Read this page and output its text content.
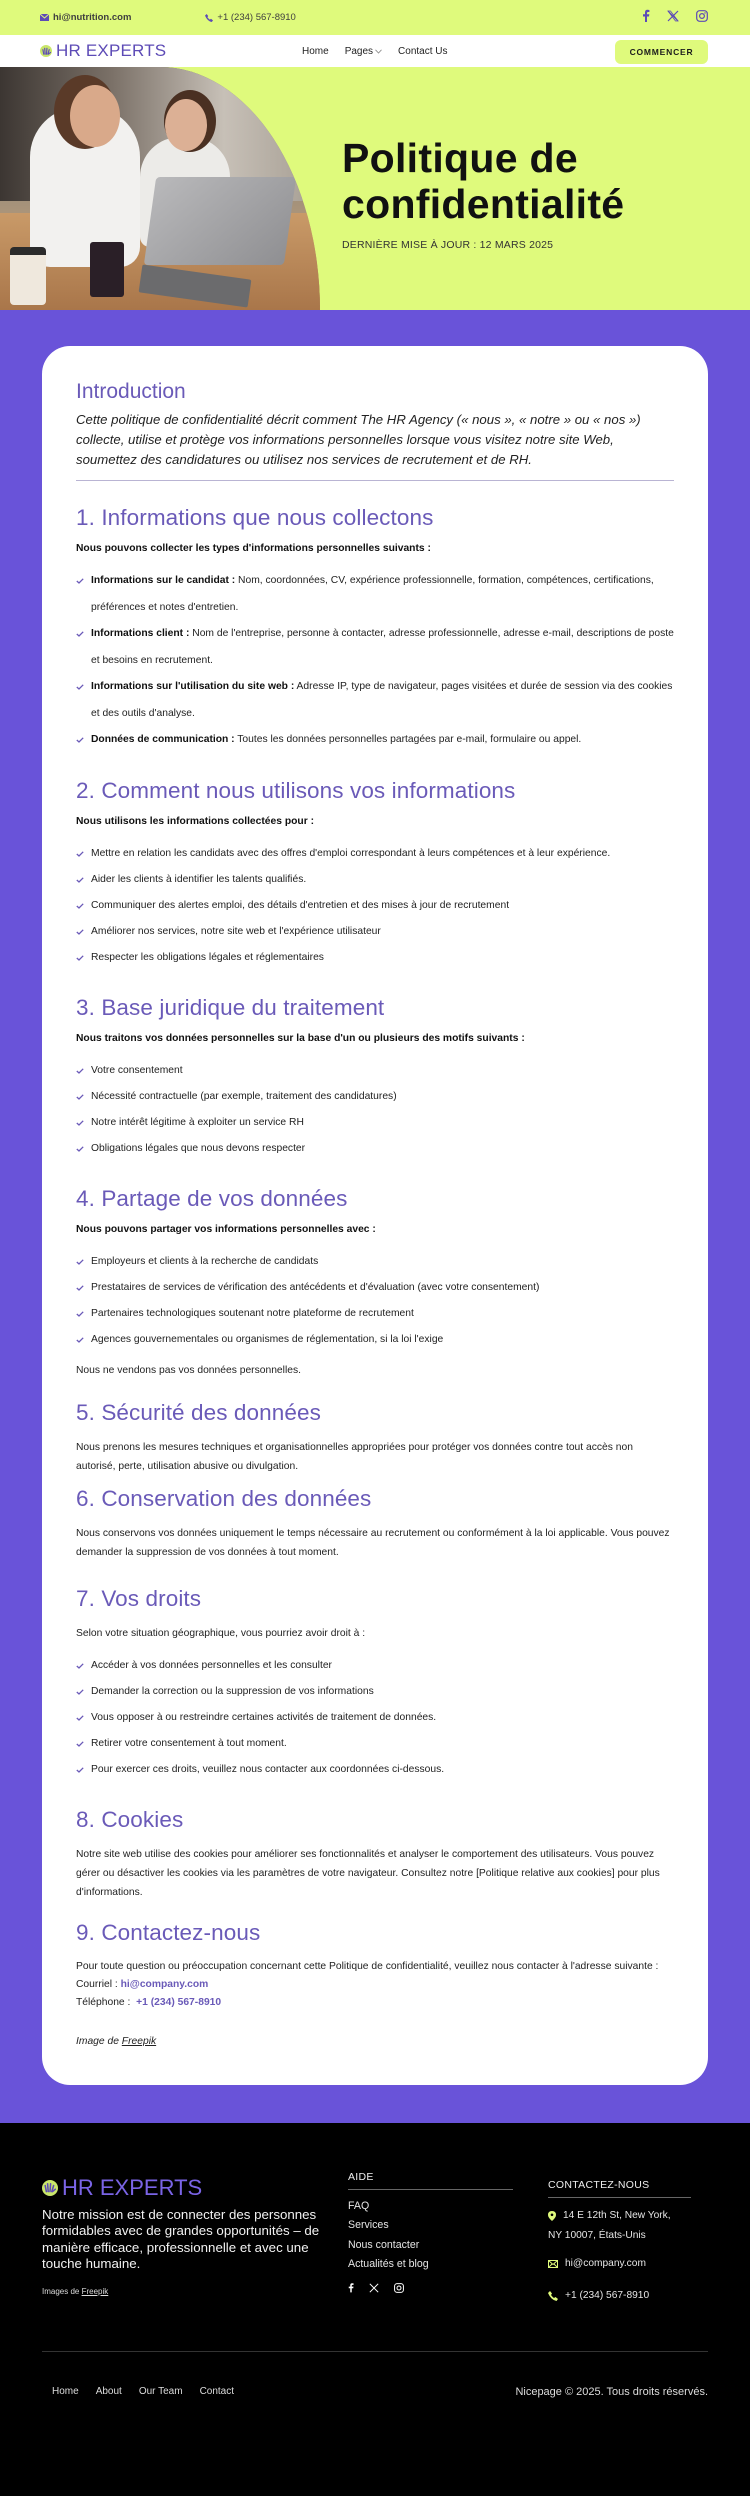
hi@nutrition.com	+1 (234) 567-8910
HR EXPERTS	Home Pages	Contact Us	COMMENCER
Politique de
confidentialité
DERNIÈRE MISE À JOUR : 12 MARS 2025
Introduction

Cette politique de confidentialité décrit comment The HR Agency (« nous », « notre » ou « nos ») collecte, utilise et protège vos informations personnelles lorsque vous visitez notre site Web, soumettez des candidatures ou utilisez nos services de recrutement et de RH.

1. Informations que nous collectons

Nous pouvons collecter les types d'informations personnelles suivants :

Informations sur le candidat : Nom, coordonnées, CV, expérience professionnelle, formation, compétences, certifications, préférences et notes d'entretien.
Informations client : Nom de l'entreprise, personne à contacter, adresse professionnelle, adresse e-mail, descriptions de poste et besoins en recrutement.
Informations sur l'utilisation du site web : Adresse IP, type de navigateur, pages visitées et durée de session via des cookies et des outils d'analyse.
Données de communication : Toutes les données personnelles partagées par e-mail, formulaire ou appel.
2. Comment nous utilisons vos informations

Nous utilisons les informations collectées pour :

Mettre en relation les candidats avec des offres d'emploi correspondant à leurs compétences et à leur expérience.
Aider les clients à identifier les talents qualifiés.
Communiquer des alertes emploi, des détails d'entretien et des mises à jour de recrutement
Améliorer nos services, notre site web et l'expérience utilisateur
Respecter les obligations légales et réglementaires
3. Base juridique du traitement

Nous traitons vos données personnelles sur la base d'un ou plusieurs des motifs suivants :

Votre consentement
Nécessité contractuelle (par exemple, traitement des candidatures)
Notre intérêt légitime à exploiter un service RH
Obligations légales que nous devons respecter
4. Partage de vos données

Nous pouvons partager vos informations personnelles avec :

Employeurs et clients à la recherche de candidats
Prestataires de services de vérification des antécédents et d'évaluation (avec votre consentement)
Partenaires technologiques soutenant notre plateforme de recrutement
Agences gouvernementales ou organismes de réglementation, si la loi l'exige

Nous ne vendons pas vos données personnelles.

5. Sécurité des données

Nous prenons les mesures techniques et organisationnelles appropriées pour protéger vos données contre tout accès non autorisé, perte, utilisation abusive ou divulgation.

6. Conservation des données

Nous conservons vos données uniquement le temps nécessaire au recrutement ou conformément à la loi applicable. Vous pouvez demander la suppression de vos données à tout moment.

7. Vos droits

Selon votre situation géographique, vous pourriez avoir droit à :

Accéder à vos données personnelles et les consulter
Demander la correction ou la suppression de vos informations
Vous opposer à ou restreindre certaines activités de traitement de données.
Retirer votre consentement à tout moment.
Pour exercer ces droits, veuillez nous contacter aux coordonnées ci-dessous.
8. Cookies

Notre site web utilise des cookies pour améliorer ses fonctionnalités et analyser le comportement des utilisateurs. Vous pouvez gérer ou désactiver les cookies via les paramètres de votre navigateur. Consultez notre [Politique relative aux cookies] pour plus d'informations.

9. Contactez-nous

Pour toute question ou préoccupation concernant cette Politique de confidentialité, veuillez nous contacter à l'adresse suivante :

Courriel : hi@company.com

Téléphone :  +1 (234) 567-8910

Image de Freepik

HR EXPERTS

Notre mission est de connecter des personnes formidables avec de grandes opportunités – de manière efficace, professionnelle et avec une touche humaine.

Images de Freepik

AIDE
FAQ
Services
Nous contacter
Actualités et blog
CONTACTEZ-NOUS
14 E 12th St, New York,
NY 10007, États-Unis
hi@company.com
+1 (234) 567-8910
Home About Our Team Contact	Nicepage © 2025. Tous droits réservés.
